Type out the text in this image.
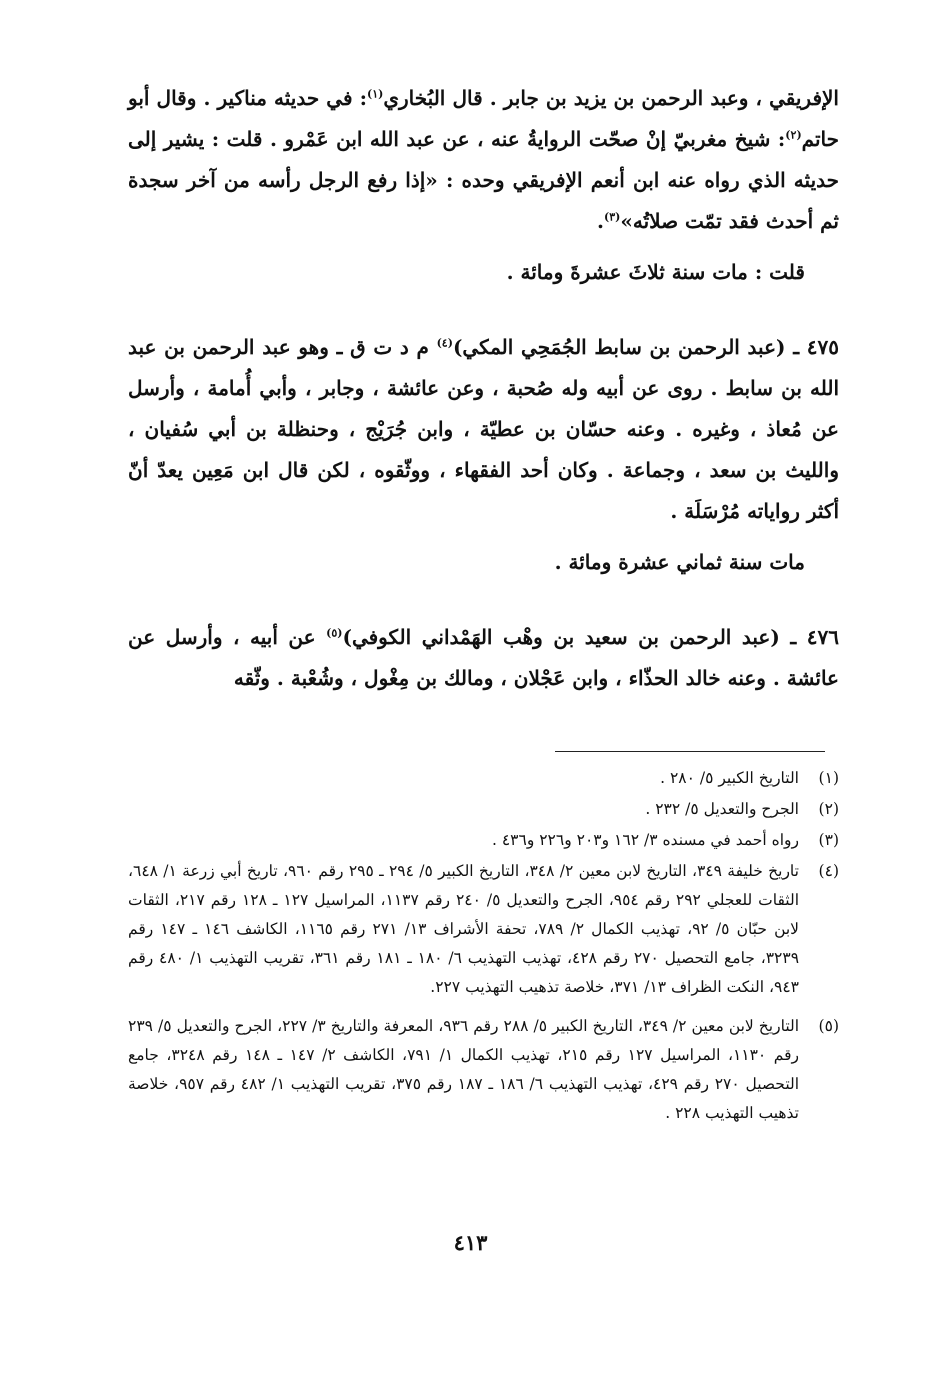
الإفريقي ، وعبد الرحمن بن يزيد بن جابر . قال البُخاري$^{(١)}$: في حديثه مناكير . وقال أبو حاتم$^{(٢)}$: شيخ مغربيّ إنْ صحّت الروايةُ عنه ، عن عبد الله ابن عَمْرو . قلت : يشير إلى حديثه الذي رواه عنه ابن أنعم الإفريقي وحده : «إذا رفع الرجل رأسه من آخر سجدة ثم أحدث فقد تمّت صلاتُه»$^{(٣)}$.

قلت : مات سنة ثلاثَ عشرةَ ومائة .

٤٧٥ ـ (عبد الرحمن بن سابط الجُمَحِي المكي)$^{(٤)}$ م د ت ق ـ وهو عبد الرحمن بن عبد الله بن سابط . روى عن أبيه وله صُحبة ، وعن عائشة ، وجابر ، وأبي أُمامة ، وأرسل عن مُعاذ ، وغيره . وعنه حسّان بن عطيّة ، وابن جُرَيْج ، وحنظلة بن أبي سُفيان ، والليث بن سعد ، وجماعة . وكان أحد الفقهاء ، ووثّقوه ، لكن قال ابن مَعِين يعدّ أنّ أكثر رواياته مُرْسَلَة .

مات سنة ثماني عشرة ومائة .

٤٧٦ ـ (عبد الرحمن بن سعيد بن وهْب الهَمْداني الكوفي)$^{(٥)}$ عن أبيه ، وأرسل عن عائشة . وعنه خالد الحذّاء ، وابن عَجْلان ، ومالك بن مِغْول ، وشُعْبة . وثّقه

(١)
التاريخ الكبير ٥/ ٢٨٠ .
(٢)
الجرح والتعديل ٥/ ٢٣٢ .
(٣)
رواه أحمد في مسنده ٣/ ١٦٢ و٢٠٣ و٢٢٦ و٤٣٦ .
(٤)
تاريخ خليفة ٣٤٩، التاريخ لابن معين ٢/ ٣٤٨، التاريخ الكبير ٥/ ٢٩٤ ـ ٢٩٥ رقم ٩٦٠، تاريخ أبي زرعة ١/ ٦٤٨، الثقات للعجلي ٢٩٢ رقم ٩٥٤، الجرح والتعديل ٥/ ٢٤٠ رقم ١١٣٧، المراسيل ١٢٧ ـ ١٢٨ رقم ٢١٧، الثقات لابن حبّان ٥/ ٩٢، تهذيب الكمال ٢/ ٧٨٩، تحفة الأشراف ١٣/ ٢٧١ رقم ١١٦٥، الكاشف ١٤٦ ـ ١٤٧ رقم ٣٢٣٩، جامع التحصيل ٢٧٠ رقم ٤٢٨، تهذيب التهذيب ٦/ ١٨٠ ـ ١٨١ رقم ٣٦١، تقريب التهذيب ١/ ٤٨٠ رقم ٩٤٣، النكت الظراف ١٣/ ٣٧١، خلاصة تذهيب التهذيب ٢٢٧.
(٥)
التاريخ لابن معين ٢/ ٣٤٩، التاريخ الكبير ٥/ ٢٨٨ رقم ٩٣٦، المعرفة والتاريخ ٣/ ٢٢٧، الجرح والتعديل ٥/ ٢٣٩ رقم ١١٣٠، المراسيل ١٢٧ رقم ٢١٥، تهذيب الكمال ١/ ٧٩١، الكاشف ٢/ ١٤٧ ـ ١٤٨ رقم ٣٢٤٨، جامع التحصيل ٢٧٠ رقم ٤٢٩، تهذيب التهذيب ٦/ ١٨٦ ـ ١٨٧ رقم ٣٧٥، تقريب التهذيب ١/ ٤٨٢ رقم ٩٥٧، خلاصة تذهيب التهذيب ٢٢٨ .
٤١٣
